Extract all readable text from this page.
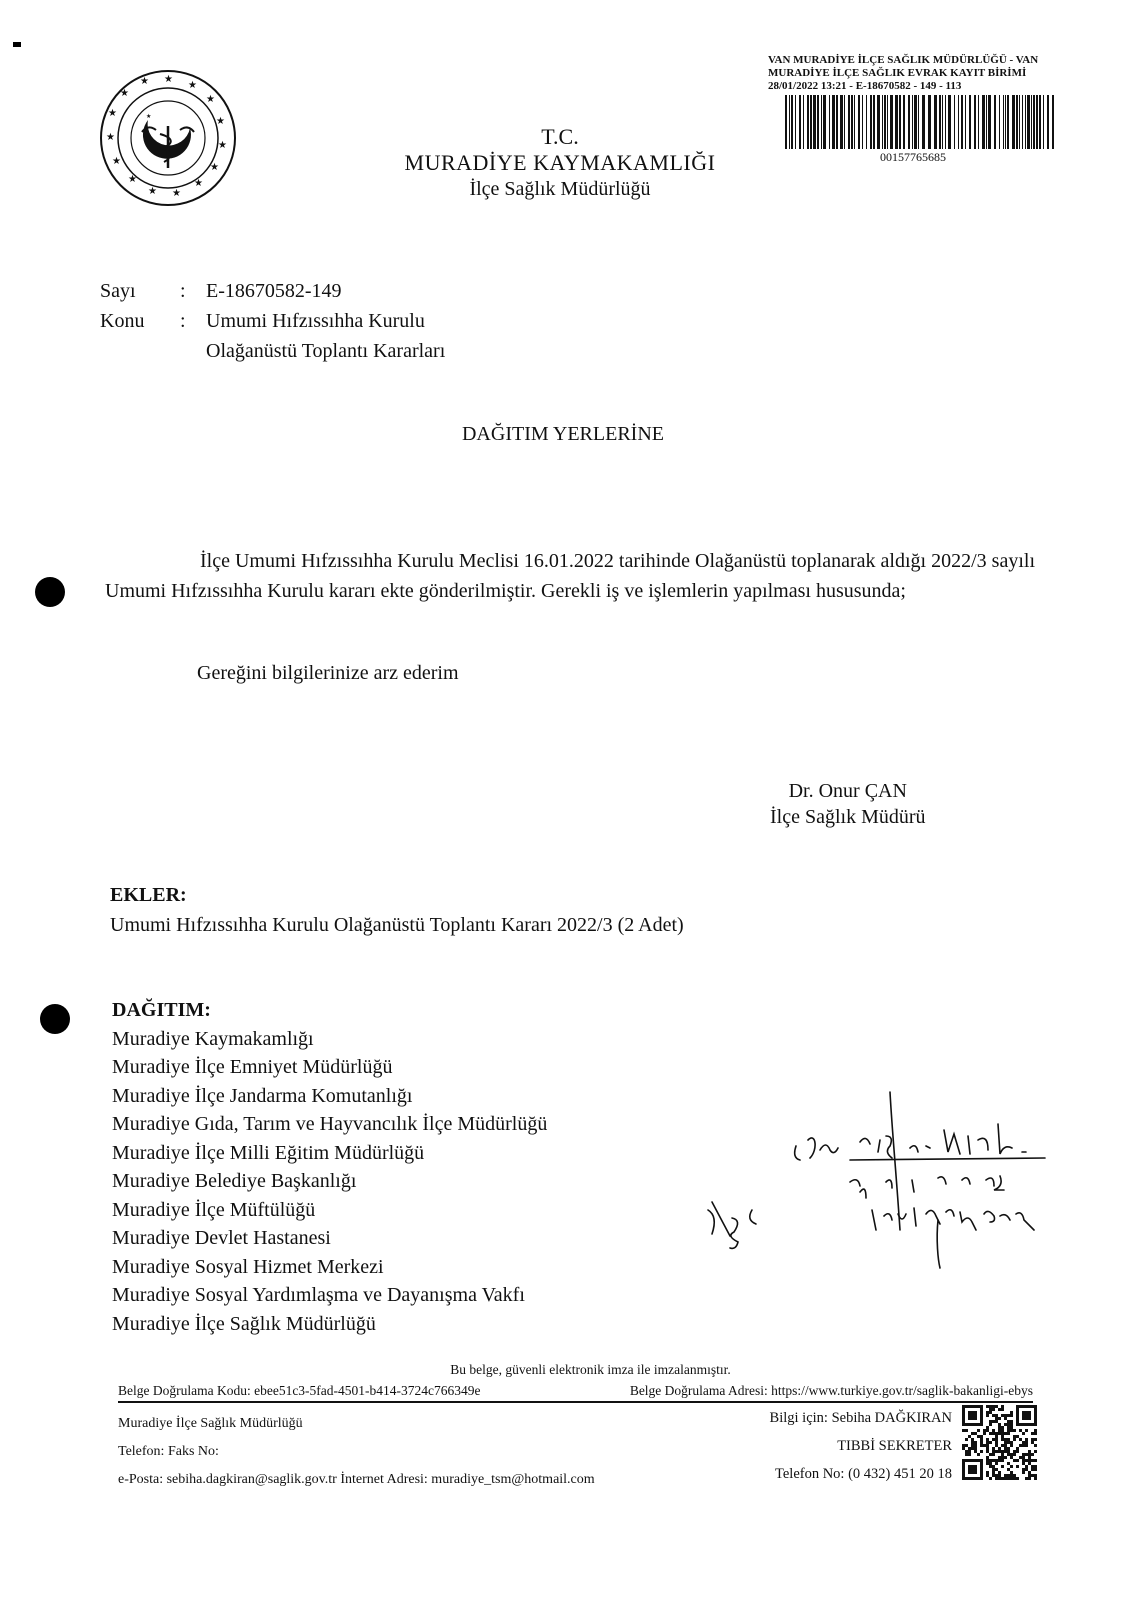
★
★
★
★
★
★
★
★
★
★
★
★
★
★
★
★
T.C.
MURADİYE KAYMAKAMLIĞI
İlçe Sağlık Müdürlüğü
VAN MURADİYE İLÇE SAĞLIK MÜDÜRLÜĞÜ - VAN
MURADİYE İLÇE SAĞLIK EVRAK KAYIT BİRİMİ
28/01/2022 13:21 - E-18670582 - 149 - 113
00157765685
Sayı	:	E-18670582-149
Konu	:	Umumi Hıfzıssıhha Kurulu
Olağanüstü Toplantı Kararları
DAĞITIM YERLERİNE
İlçe Umumi Hıfzıssıhha Kurulu Meclisi 16.01.2022 tarihinde Olağanüstü toplanarak aldığı 2022/3 sayılı Umumi Hıfzıssıhha Kurulu kararı ekte gönderilmiştir. Gerekli iş ve işlemlerin yapılması hususunda;
Gereğini bilgilerinize arz ederim
Dr. Onur ÇAN
İlçe Sağlık Müdürü
EKLER:
Umumi Hıfzıssıhha Kurulu Olağanüstü Toplantı Kararı 2022/3 (2 Adet)
DAĞITIM:
Muradiye Kaymakamlığı
Muradiye İlçe Emniyet Müdürlüğü
Muradiye İlçe Jandarma Komutanlığı
Muradiye Gıda, Tarım ve Hayvancılık İlçe Müdürlüğü
Muradiye İlçe Milli Eğitim Müdürlüğü
Muradiye Belediye Başkanlığı
Muradiye İlçe Müftülüğü
Muradiye Devlet Hastanesi
Muradiye Sosyal Hizmet Merkezi
Muradiye Sosyal Yardımlaşma ve Dayanışma Vakfı
Muradiye İlçe Sağlık Müdürlüğü
Bu belge, güvenli elektronik imza ile imzalanmıştır.
Belge Doğrulama Kodu: ebee51c3-5fad-4501-b414-3724c766349e	Belge Doğrulama Adresi: https://www.turkiye.gov.tr/saglik-bakanligi-ebys
Muradiye İlçe Sağlık Müdürlüğü
Telefon: Faks No:
e-Posta: sebiha.dagkiran@saglik.gov.tr İnternet Adresi: muradiye_tsm@hotmail.com
Bilgi için: Sebiha DAĞKIRAN
TIBBİ SEKRETER
Telefon No: (0 432) 451 20 18
